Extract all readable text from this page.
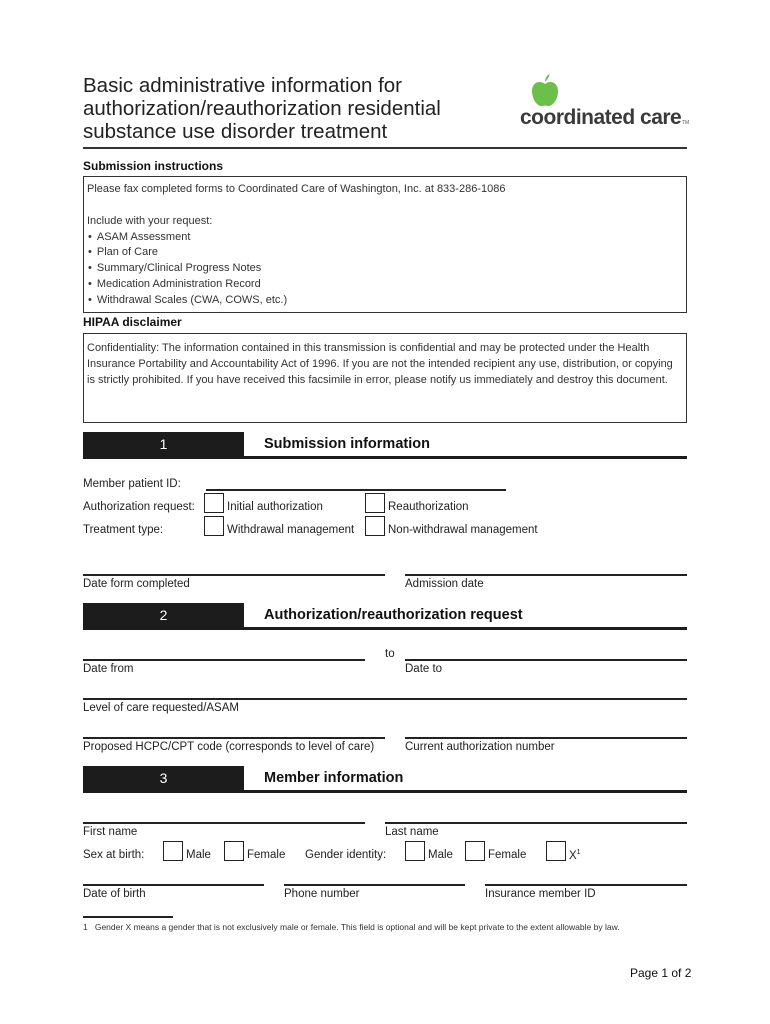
Basic administrative information for
authorization/reauthorization residential
substance use disorder treatment
coordinated care TM
Submission instructions
Please fax completed forms to Coordinated Care of Washington, Inc. at 833-286-1086
Include with your request:
• ASAM Assessment
• Plan of Care
• Summary/Clinical Progress Notes
• Medication Administration Record
• Withdrawal Scales (CWA, COWS, etc.)
HIPAA disclaimer
Confidentiality: The information contained in this transmission is confidential and may be protected under the Health Insurance Portability and Accountability Act of 1996. If you are not the intended recipient any use, distribution, or copying is strictly prohibited. If you have received this facsimile in error, please notify us immediately and destroy this document.
1	Submission information
Member patient ID:
Authorization request:	Initial authorization	Reauthorization
Treatment type:	Withdrawal management	Non-withdrawal management
Date form completed	Admission date
2	Authorization/reauthorization request
to
Date from	Date to
Level of care requested/ASAM
Proposed HCPC/CPT code (corresponds to level of care)	Current authorization number
3	Member information
First name	Last name
Sex at birth:	Male	Female Gender identity:	Male	Female	$X^1$
Date of birth	Phone number	Insurance member ID
1 Gender X means a gender that is not exclusively male or female. This field is optional and will be kept private to the extent allowable by law.
Page 1 of 2
